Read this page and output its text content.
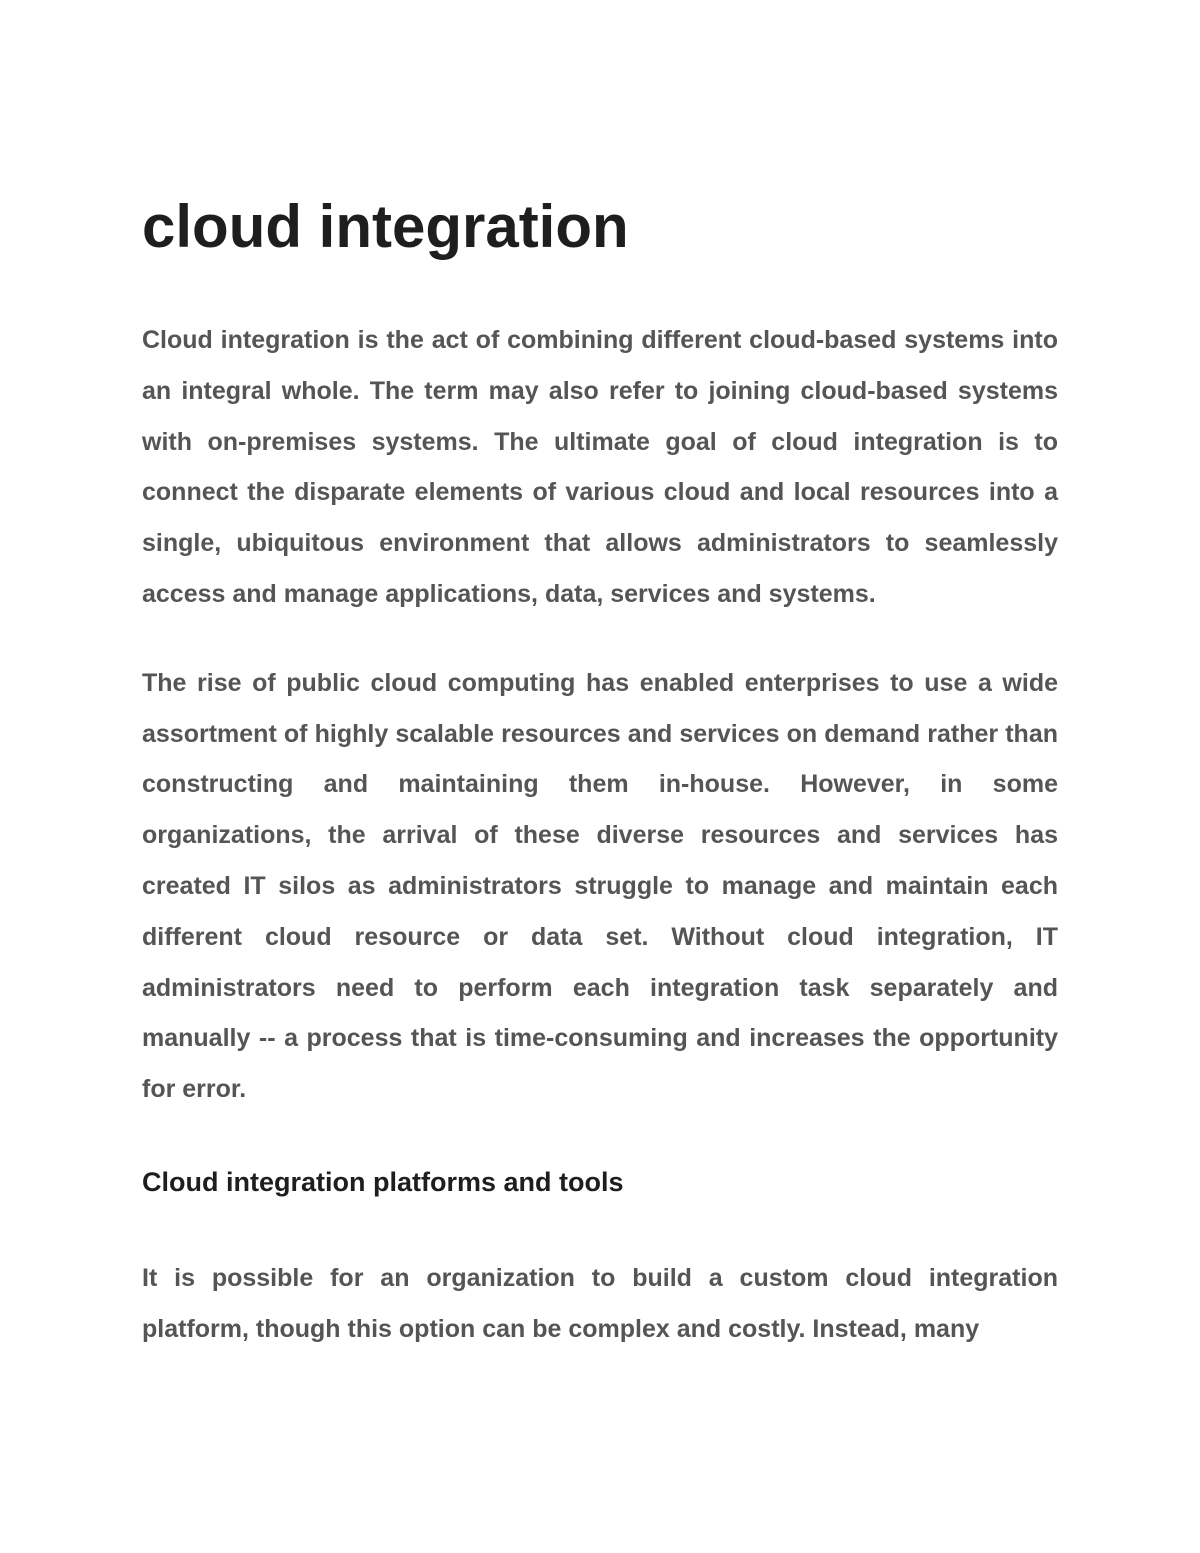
cloud integration

Cloud integration is the act of combining different cloud-based systems into an integral whole. The term may also refer to joining cloud-based systems with on-premises systems. The ultimate goal of cloud integration is to connect the disparate elements of various cloud and local resources into a single, ubiquitous environment that allows administrators to seamlessly access and manage applications, data, services and systems.

The rise of public cloud computing has enabled enterprises to use a wide assortment of highly scalable resources and services on demand rather than constructing and maintaining them in-house. However, in some organizations, the arrival of these diverse resources and services has created IT silos as administrators struggle to manage and maintain each different cloud resource or data set. Without cloud integration, IT administrators need to perform each integration task separately and manually -- a process that is time-consuming and increases the opportunity for error.

Cloud integration platforms and tools

It is possible for an organization to build a custom cloud integration platform, though this option can be complex and costly. Instead, many
